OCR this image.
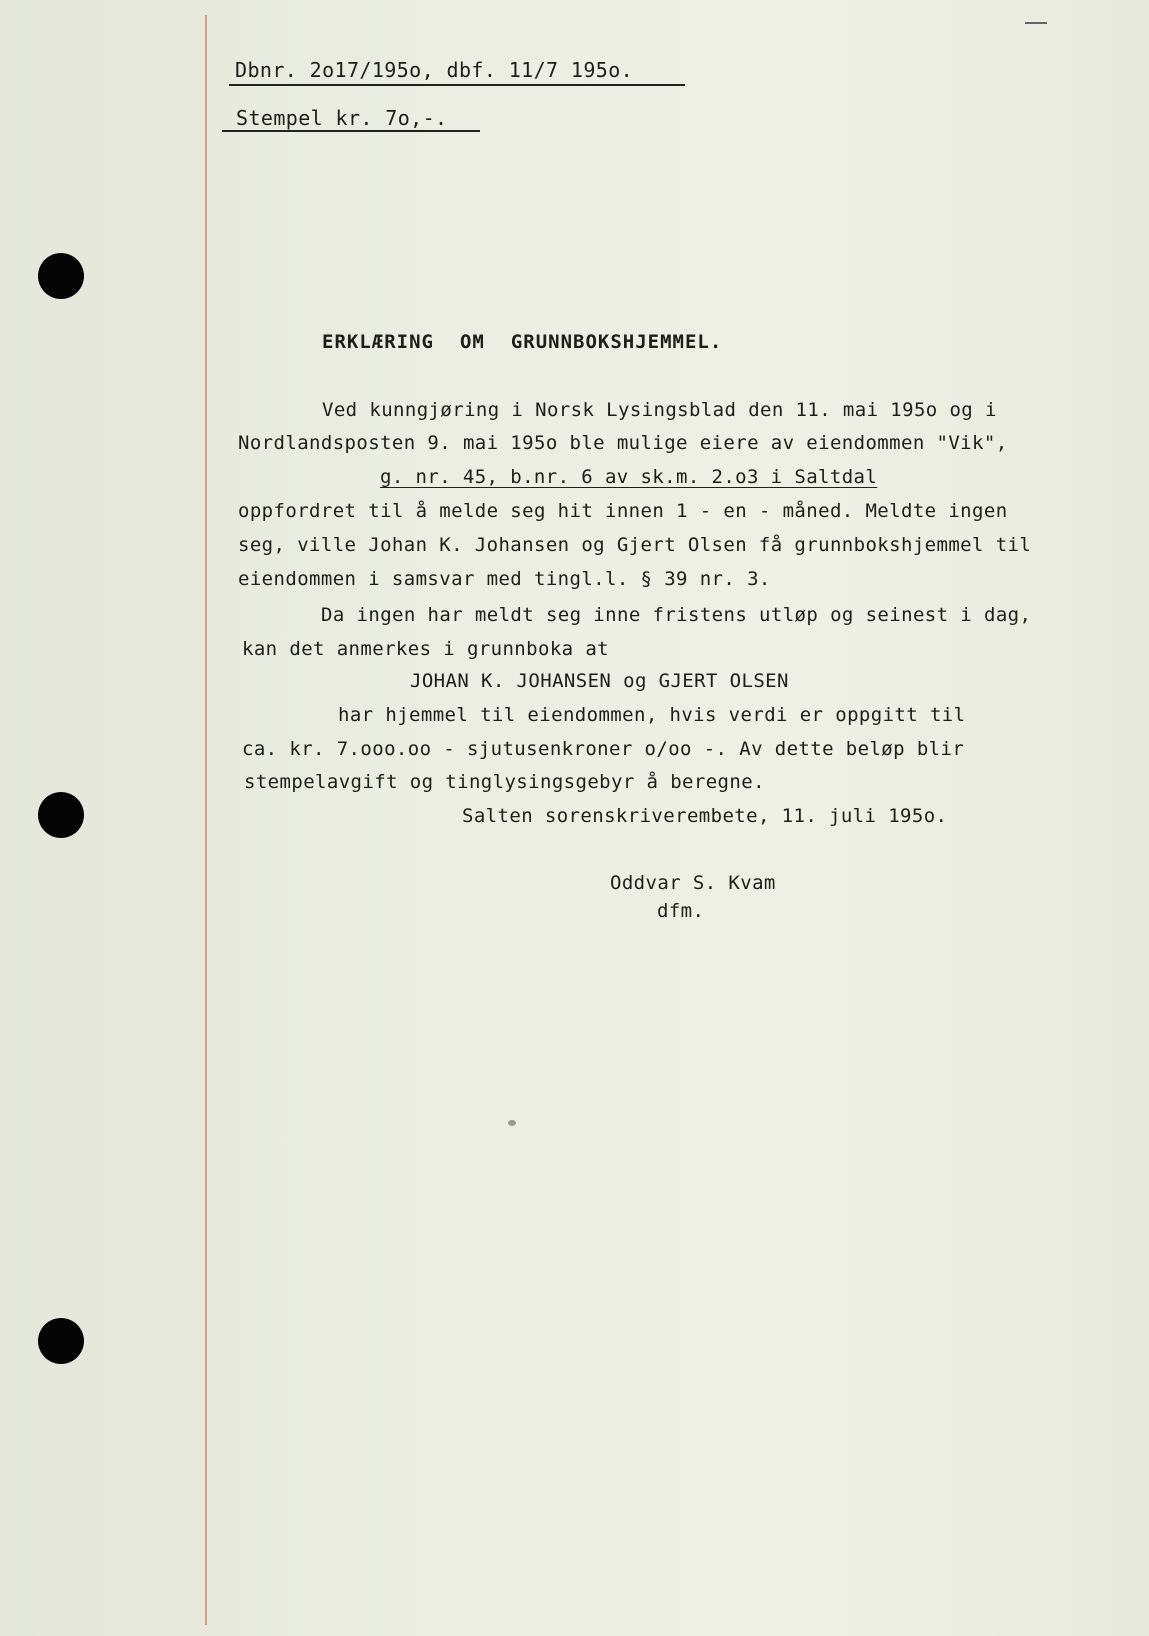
Dbnr. 2o17/195o, dbf. 11/7 195o.
Stempel kr. 7o,-.
ERKLÆRING OM GRUNNBOKSHJEMMEL.
Ved kunngjøring i Norsk Lysingsblad den 11. mai 195o og i
Nordlandsposten 9. mai 195o ble mulige eiere av eiendommen "Vik",
g. nr. 45, b.nr. 6 av sk.m. 2.o3 i Saltdal
oppfordret til å melde seg hit innen 1 - en - måned. Meldte ingen
seg, ville Johan K. Johansen og Gjert Olsen få grunnbokshjemmel til
eiendommen i samsvar med tingl.l. § 39 nr. 3.
Da ingen har meldt seg inne fristens utløp og seinest i dag,
kan det anmerkes i grunnboka at
JOHAN K. JOHANSEN og GJERT OLSEN
har hjemmel til eiendommen, hvis verdi er oppgitt til
ca. kr. 7.ooo.oo - sjutusenkroner o/oo -. Av dette beløp blir
stempelavgift og tinglysingsgebyr å beregne.
Salten sorenskriverembete, 11. juli 195o.
Oddvar S. Kvam
dfm.
